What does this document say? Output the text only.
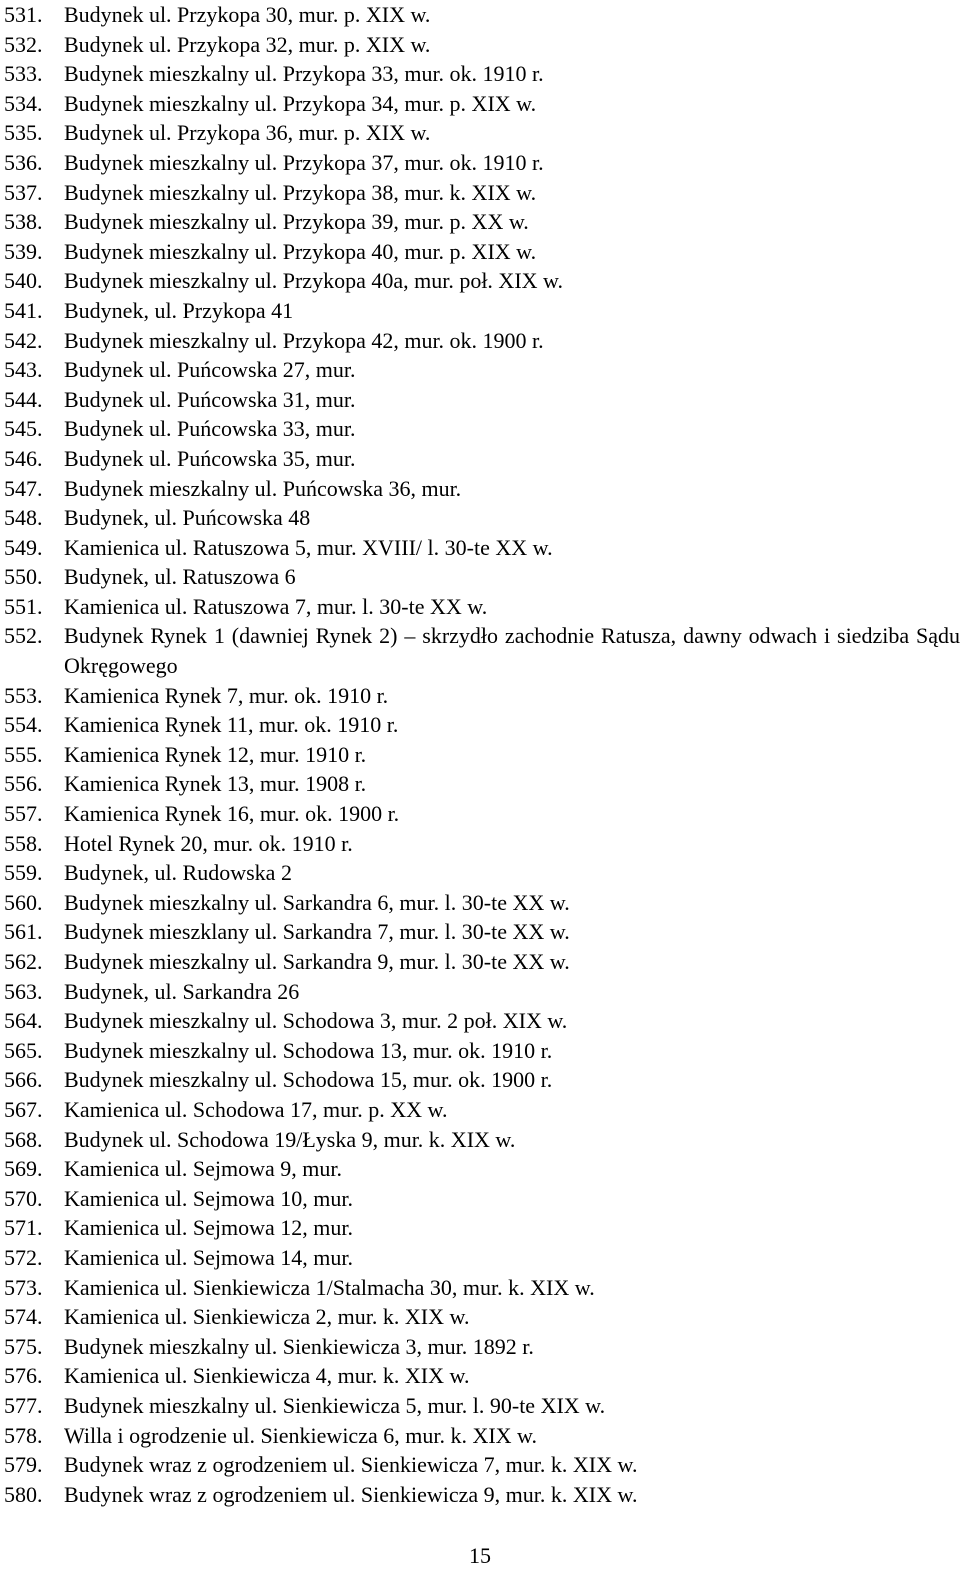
531. Budynek ul. Przykopa 30, mur. p. XIX w.
532. Budynek ul. Przykopa 32, mur. p. XIX w.
533. Budynek mieszkalny ul. Przykopa 33, mur. ok. 1910 r.
534. Budynek mieszkalny ul. Przykopa 34, mur. p. XIX w.
535. Budynek ul. Przykopa 36, mur. p. XIX w.
536. Budynek mieszkalny ul. Przykopa 37, mur. ok. 1910 r.
537. Budynek mieszkalny ul. Przykopa 38, mur. k. XIX w.
538. Budynek mieszkalny ul. Przykopa 39, mur. p. XX w.
539. Budynek mieszkalny ul. Przykopa 40, mur. p. XIX w.
540. Budynek mieszkalny ul. Przykopa 40a, mur. poł. XIX w.
541. Budynek, ul. Przykopa 41
542. Budynek mieszkalny ul. Przykopa 42, mur. ok. 1900 r.
543. Budynek ul. Puńcowska 27, mur.
544. Budynek ul. Puńcowska 31, mur.
545. Budynek ul. Puńcowska 33, mur.
546. Budynek ul. Puńcowska 35, mur.
547. Budynek mieszkalny ul. Puńcowska 36, mur.
548. Budynek, ul. Puńcowska 48
549. Kamienica ul. Ratuszowa 5, mur. XVIII/ l. 30-te XX w.
550. Budynek, ul. Ratuszowa 6
551. Kamienica ul. Ratuszowa 7, mur. l. 30-te XX w.
552. Budynek Rynek 1 (dawniej Rynek 2) – skrzydło zachodnie Ratusza, dawny odwach i siedziba Sądu Okręgowego
553. Kamienica Rynek 7, mur. ok. 1910 r.
554. Kamienica Rynek 11, mur. ok. 1910 r.
555. Kamienica Rynek 12, mur. 1910 r.
556. Kamienica Rynek 13, mur. 1908 r.
557. Kamienica Rynek 16, mur. ok. 1900 r.
558. Hotel Rynek 20, mur. ok. 1910 r.
559. Budynek, ul. Rudowska 2
560. Budynek mieszkalny ul. Sarkandra 6, mur. l. 30-te XX w.
561. Budynek mieszklany ul. Sarkandra 7, mur. l. 30-te XX w.
562. Budynek mieszkalny ul. Sarkandra 9, mur. l. 30-te XX w.
563. Budynek, ul. Sarkandra 26
564. Budynek mieszkalny ul. Schodowa 3, mur. 2 poł. XIX w.
565. Budynek mieszkalny ul. Schodowa 13, mur. ok. 1910 r.
566. Budynek mieszkalny ul. Schodowa 15, mur. ok. 1900 r.
567. Kamienica ul. Schodowa 17, mur. p. XX w.
568. Budynek ul. Schodowa 19/Łyska 9, mur. k. XIX w.
569. Kamienica ul. Sejmowa 9, mur.
570. Kamienica ul. Sejmowa 10, mur.
571. Kamienica ul. Sejmowa 12, mur.
572. Kamienica ul. Sejmowa 14, mur.
573. Kamienica ul. Sienkiewicza 1/Stalmacha 30, mur. k. XIX w.
574. Kamienica ul. Sienkiewicza 2, mur. k. XIX w.
575. Budynek mieszkalny ul. Sienkiewicza 3, mur. 1892 r.
576. Kamienica ul. Sienkiewicza 4, mur. k. XIX w.
577. Budynek mieszkalny ul. Sienkiewicza 5, mur. l. 90-te XIX w.
578. Willa i ogrodzenie ul. Sienkiewicza 6, mur. k. XIX w.
579. Budynek wraz z ogrodzeniem ul. Sienkiewicza 7, mur. k. XIX w.
580. Budynek wraz z ogrodzeniem ul. Sienkiewicza 9, mur. k. XIX w.
15
